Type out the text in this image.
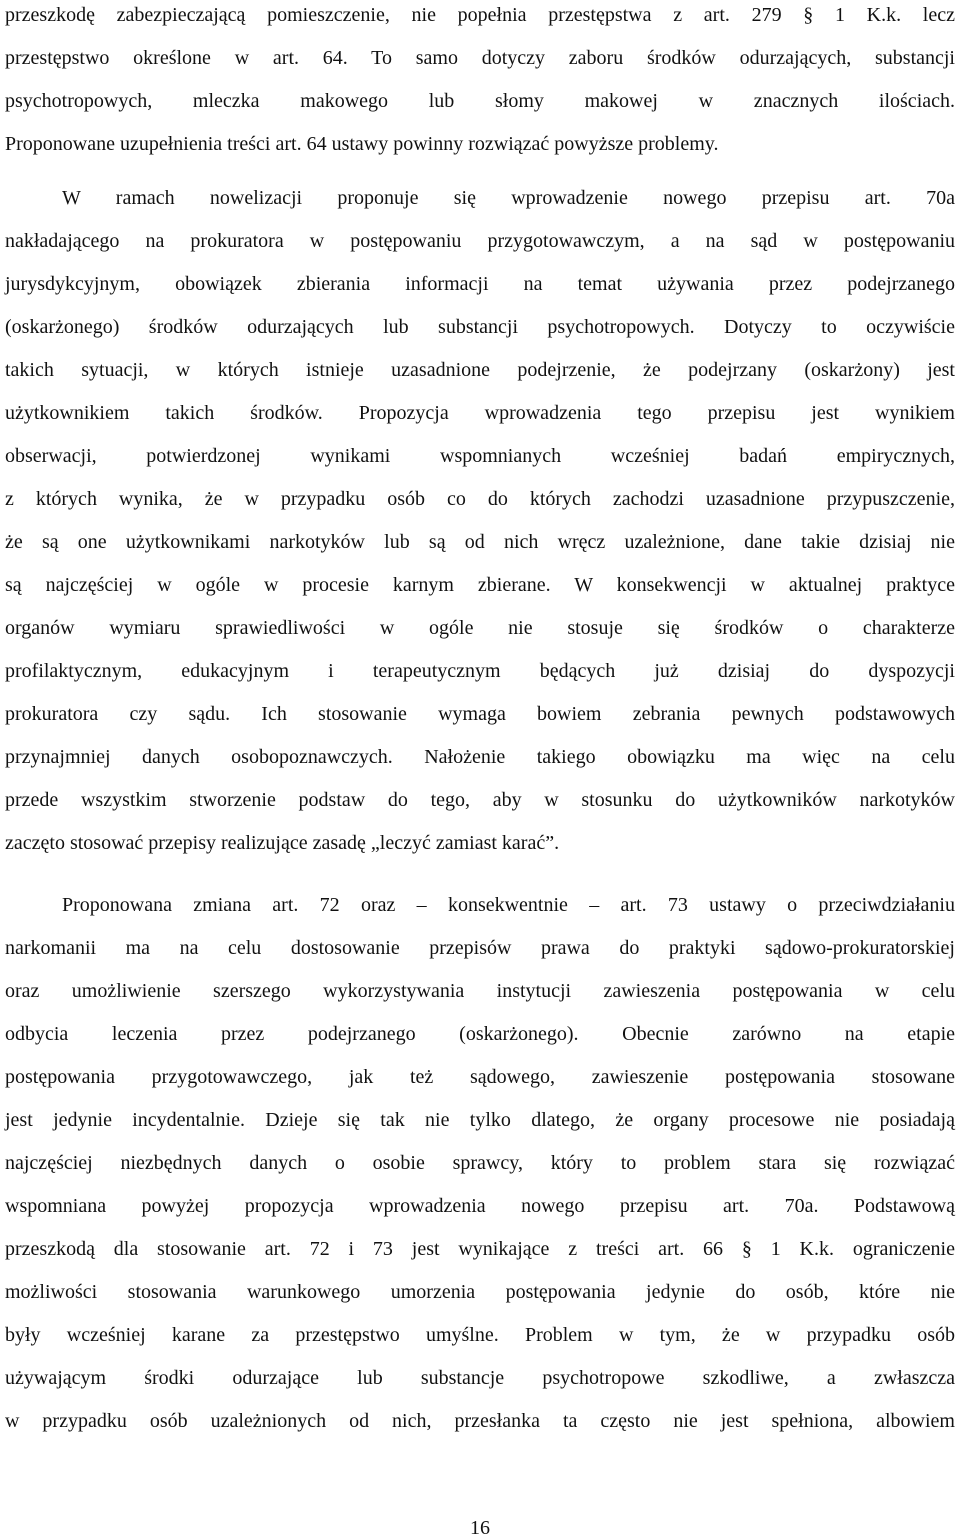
przeszkodę zabezpieczającą pomieszczenie, nie popełnia przestępstwa z art. 279 § 1 K.k. lecz
przestępstwo określone w art. 64. To samo dotyczy zaboru środków odurzających, substancji
psychotropowych, mleczka makowego lub słomy makowej w znacznych ilościach.
Proponowane uzupełnienia treści art. 64 ustawy powinny rozwiązać powyższe problemy.
W ramach nowelizacji proponuje się wprowadzenie nowego przepisu art. 70a
nakładającego na prokuratora w postępowaniu przygotowawczym, a na sąd w postępowaniu
jurysdykcyjnym, obowiązek zbierania informacji na temat używania przez podejrzanego
(oskarżonego) środków odurzających lub substancji psychotropowych. Dotyczy to oczywiście
takich sytuacji, w których istnieje uzasadnione podejrzenie, że podejrzany (oskarżony) jest
użytkownikiem takich środków. Propozycja wprowadzenia tego przepisu jest wynikiem
obserwacji, potwierdzonej wynikami wspomnianych wcześniej badań empirycznych,
z których wynika, że w przypadku osób co do których zachodzi uzasadnione przypuszczenie,
że są one użytkownikami narkotyków lub są od nich wręcz uzależnione, dane takie dzisiaj nie
są najczęściej w ogóle w procesie karnym zbierane. W konsekwencji w aktualnej praktyce
organów wymiaru sprawiedliwości w ogóle nie stosuje się środków o charakterze
profilaktycznym, edukacyjnym i terapeutycznym będących już dzisiaj do dyspozycji
prokuratora czy sądu. Ich stosowanie wymaga bowiem zebrania pewnych podstawowych
przynajmniej danych osobopoznawczych. Nałożenie takiego obowiązku ma więc na celu
przede wszystkim stworzenie podstaw do tego, aby w stosunku do użytkowników narkotyków
zaczęto stosować przepisy realizujące zasadę „leczyć zamiast karać”.
Proponowana zmiana art. 72 oraz – konsekwentnie – art. 73 ustawy o przeciwdziałaniu
narkomanii ma na celu dostosowanie przepisów prawa do praktyki sądowo-prokuratorskiej
oraz umożliwienie szerszego wykorzystywania instytucji zawieszenia postępowania w celu
odbycia leczenia przez podejrzanego (oskarżonego). Obecnie zarówno na etapie
postępowania przygotowawczego, jak też sądowego, zawieszenie postępowania stosowane
jest jedynie incydentalnie. Dzieje się tak nie tylko dlatego, że organy procesowe nie posiadają
najczęściej niezbędnych danych o osobie sprawcy, który to problem stara się rozwiązać
wspomniana powyżej propozycja wprowadzenia nowego przepisu art. 70a. Podstawową
przeszkodą dla stosowanie art. 72 i 73 jest wynikające z treści art. 66 § 1 K.k. ograniczenie
możliwości stosowania warunkowego umorzenia postępowania jedynie do osób, które nie
były wcześniej karane za przestępstwo umyślne. Problem w tym, że w przypadku osób
używającym środki odurzające lub substancje psychotropowe szkodliwe, a zwłaszcza
w przypadku osób uzależnionych od nich, przesłanka ta często nie jest spełniona, albowiem
16
